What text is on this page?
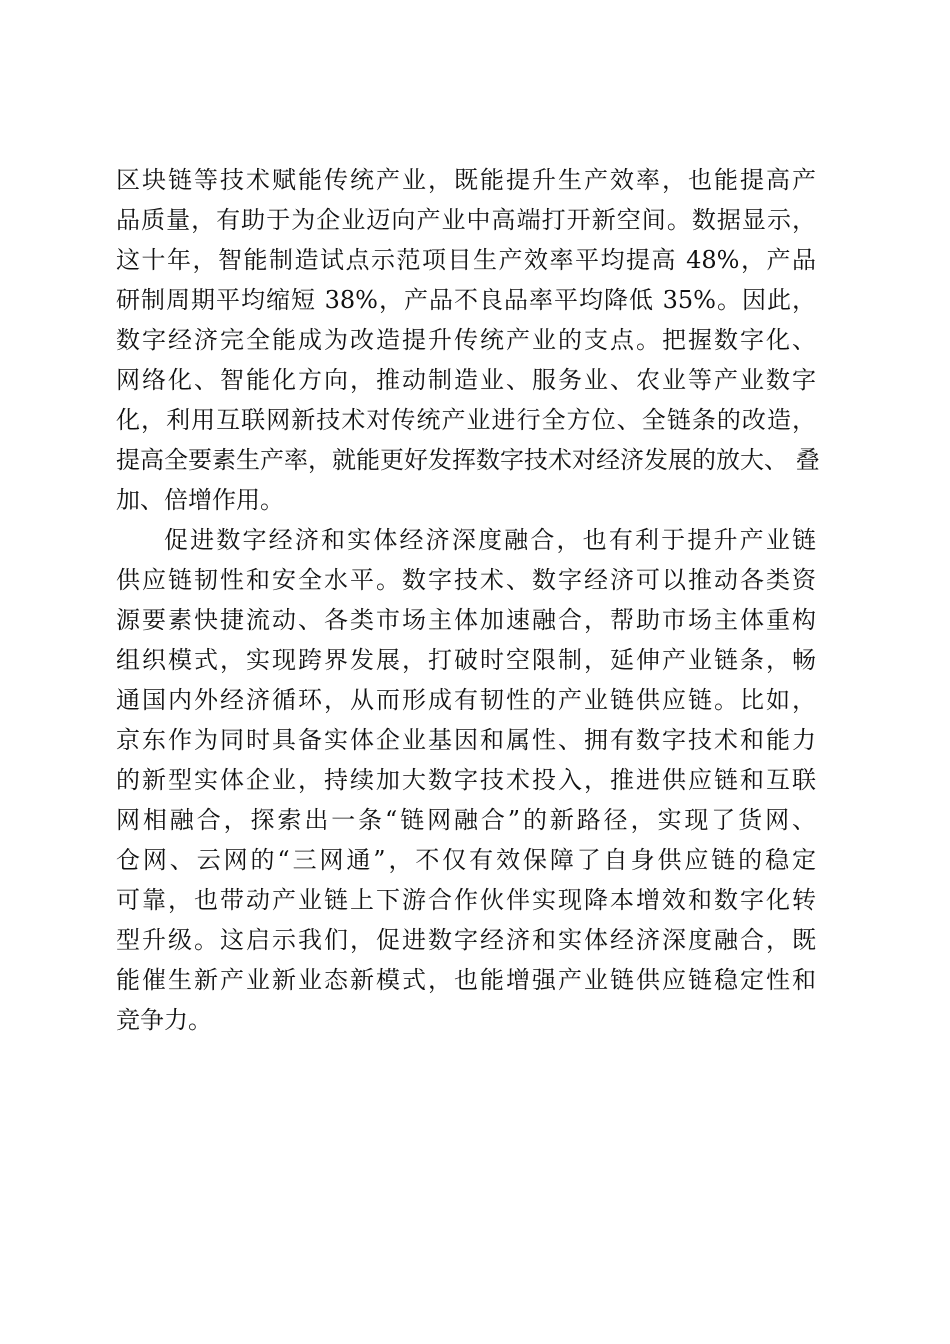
区块链等技术赋能传统产业，既能提升生产效率，也能提高产
品质量，有助于为企业迈向产业中高端打开新空间。数据显示，
这十年，智能制造试点示范项目生产效率平均提高 48%，产品
研制周期平均缩短 38%，产品不良品率平均降低 35%。因此，
数字经济完全能成为改造提升传统产业的支点。把握数字化、
网络化、智能化方向，推动制造业、服务业、农业等产业数字
化，利用互联网新技术对传统产业进行全方位、全链条的改造，
提高全要素生产率，就能更好发挥数字技术对经济发展的放大、 叠
加、倍增作用。
促进数字经济和实体经济深度融合，也有利于提升产业链
供应链韧性和安全水平。数字技术、数字经济可以推动各类资
源要素快捷流动、各类市场主体加速融合，帮助市场主体重构
组织模式，实现跨界发展，打破时空限制，延伸产业链条，畅
通国内外经济循环，从而形成有韧性的产业链供应链。比如，
京东作为同时具备实体企业基因和属性、拥有数字技术和能力
的新型实体企业，持续加大数字技术投入，推进供应链和互联
网相融合，探索出一条“链网融合”的新路径，实现了货网、
仓网、云网的“三网通”，不仅有效保障了自身供应链的稳定
可靠，也带动产业链上下游合作伙伴实现降本增效和数字化转
型升级。这启示我们，促进数字经济和实体经济深度融合，既
能催生新产业新业态新模式，也能增强产业链供应链稳定性和
竞争力。
